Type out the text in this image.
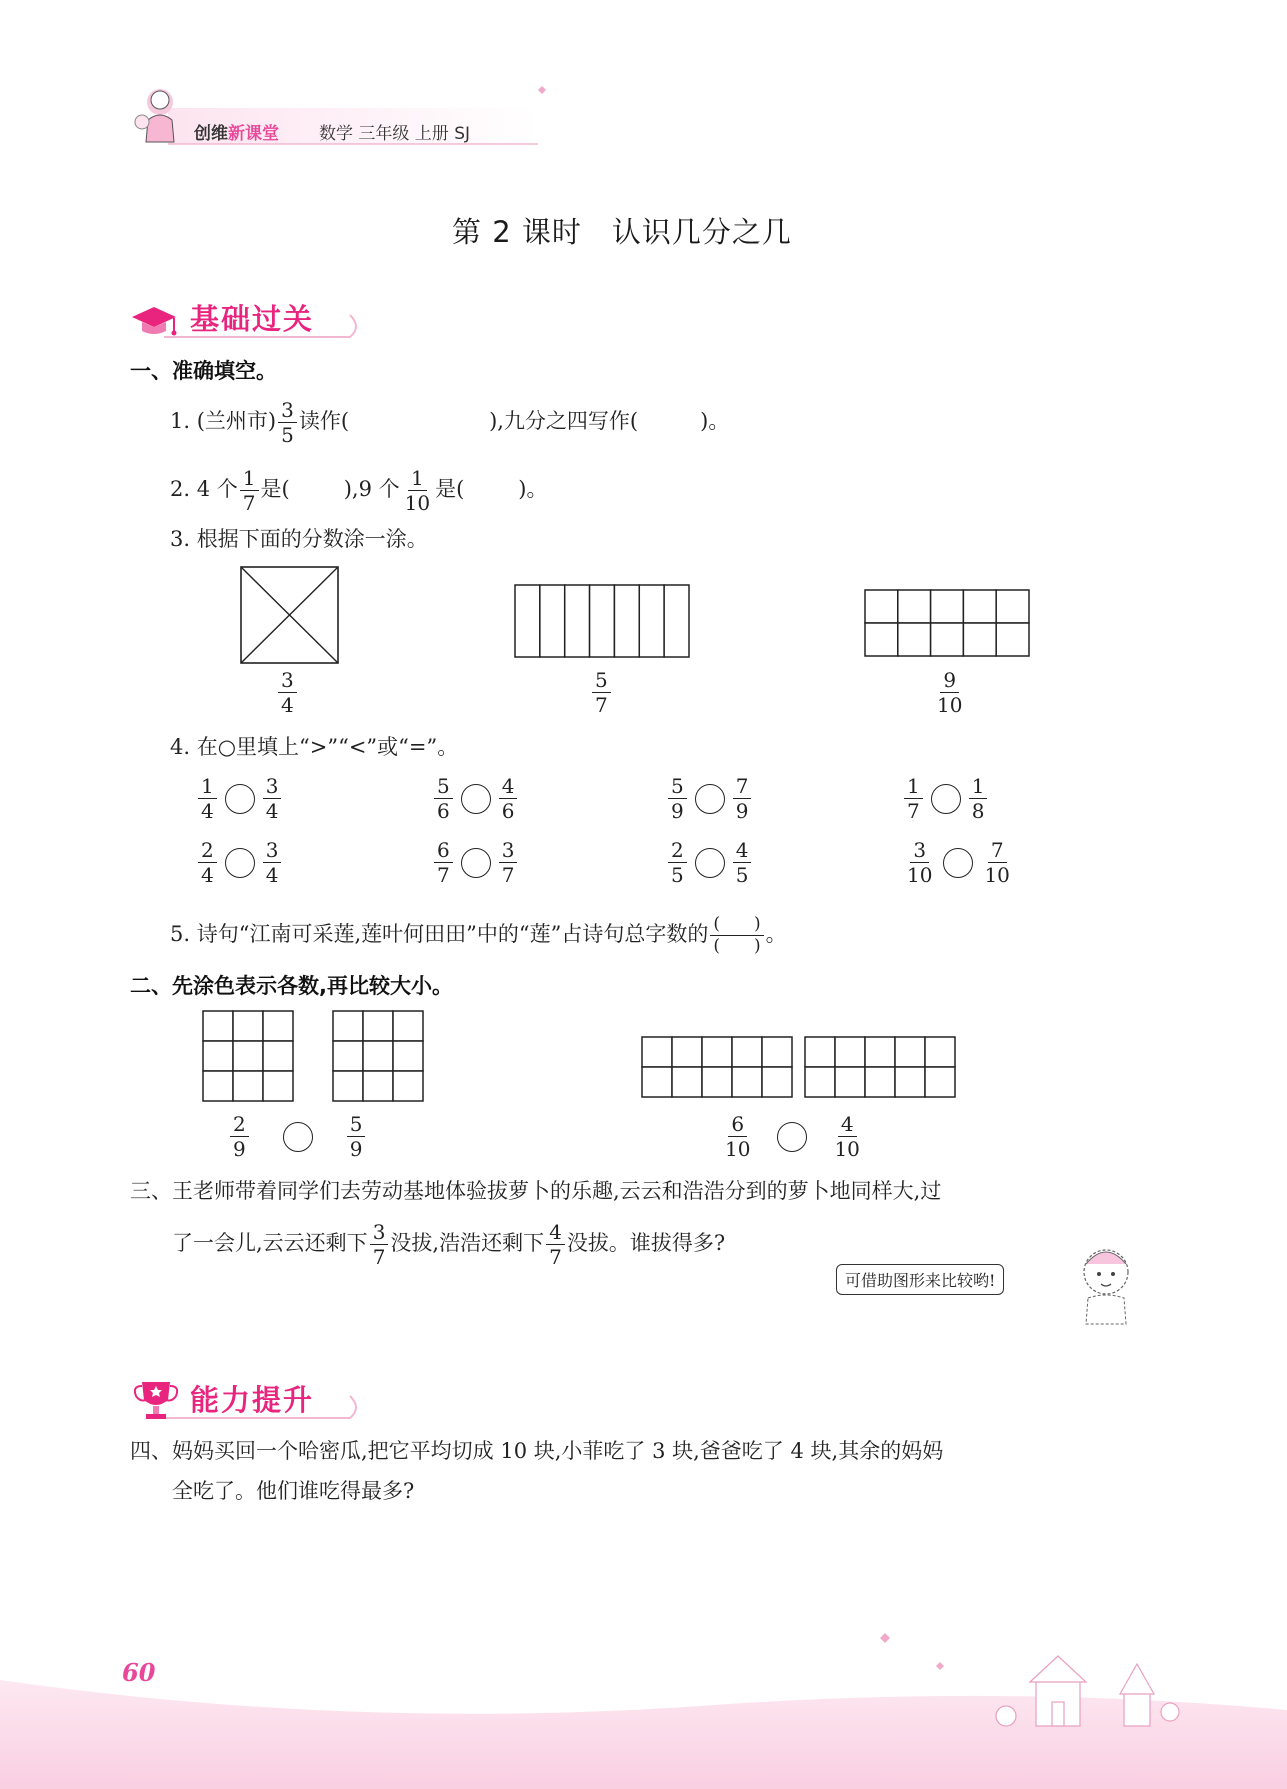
创维新课堂 数学 三年级 上册 SJ
第 2 课时　认识几分之几
基础过关
一、准确填空。
1. (兰州市) $\frac{3}{5}$ 读作(	),九分之四写作(	)。
2. 4 个 $\frac{1}{7}$ 是(	),9 个 $\frac{1}{10}$ 是(	)。
3. 根据下面的分数涂一涂。
$\frac{3}{4}$	$\frac{5}{7}$	$\frac{9}{10}$
4. 在○里填上“>”“<”或“=”。
$\frac{1}{4} \frac{3}{4}$	$\frac{5}{6} \frac{4}{6}$	$\frac{5}{9} \frac{7}{9}$	$\frac{1}{7} \frac{1}{8}$
$\frac{2}{4} \frac{3}{4}$	$\frac{6}{7} \frac{3}{7}$	$\frac{2}{5} \frac{4}{5}$	$\frac{3}{10} \frac{7}{10}$
5. 诗句“江南可采莲,莲叶何田田”中的“莲”占诗句总字数的 $\frac{( )}{( )}$ 。
二、先涂色表示各数,再比较大小。
$\frac{2}{9}$	$\frac{5}{9}$	$\frac{6}{10}$	$\frac{4}{10}$
三、王老师带着同学们去劳动基地体验拔萝卜的乐趣,云云和浩浩分到的萝卜地同样大,过
了一会儿,云云还剩下 $\frac{3}{7}$ 没拔,浩浩还剩下 $\frac{4}{7}$ 没拔。谁拔得多?
可借助图形来比较哟!
能力提升
四、妈妈买回一个哈密瓜,把它平均切成 10 块,小菲吃了 3 块,爸爸吃了 4 块,其余的妈妈
全吃了。他们谁吃得最多?
60
